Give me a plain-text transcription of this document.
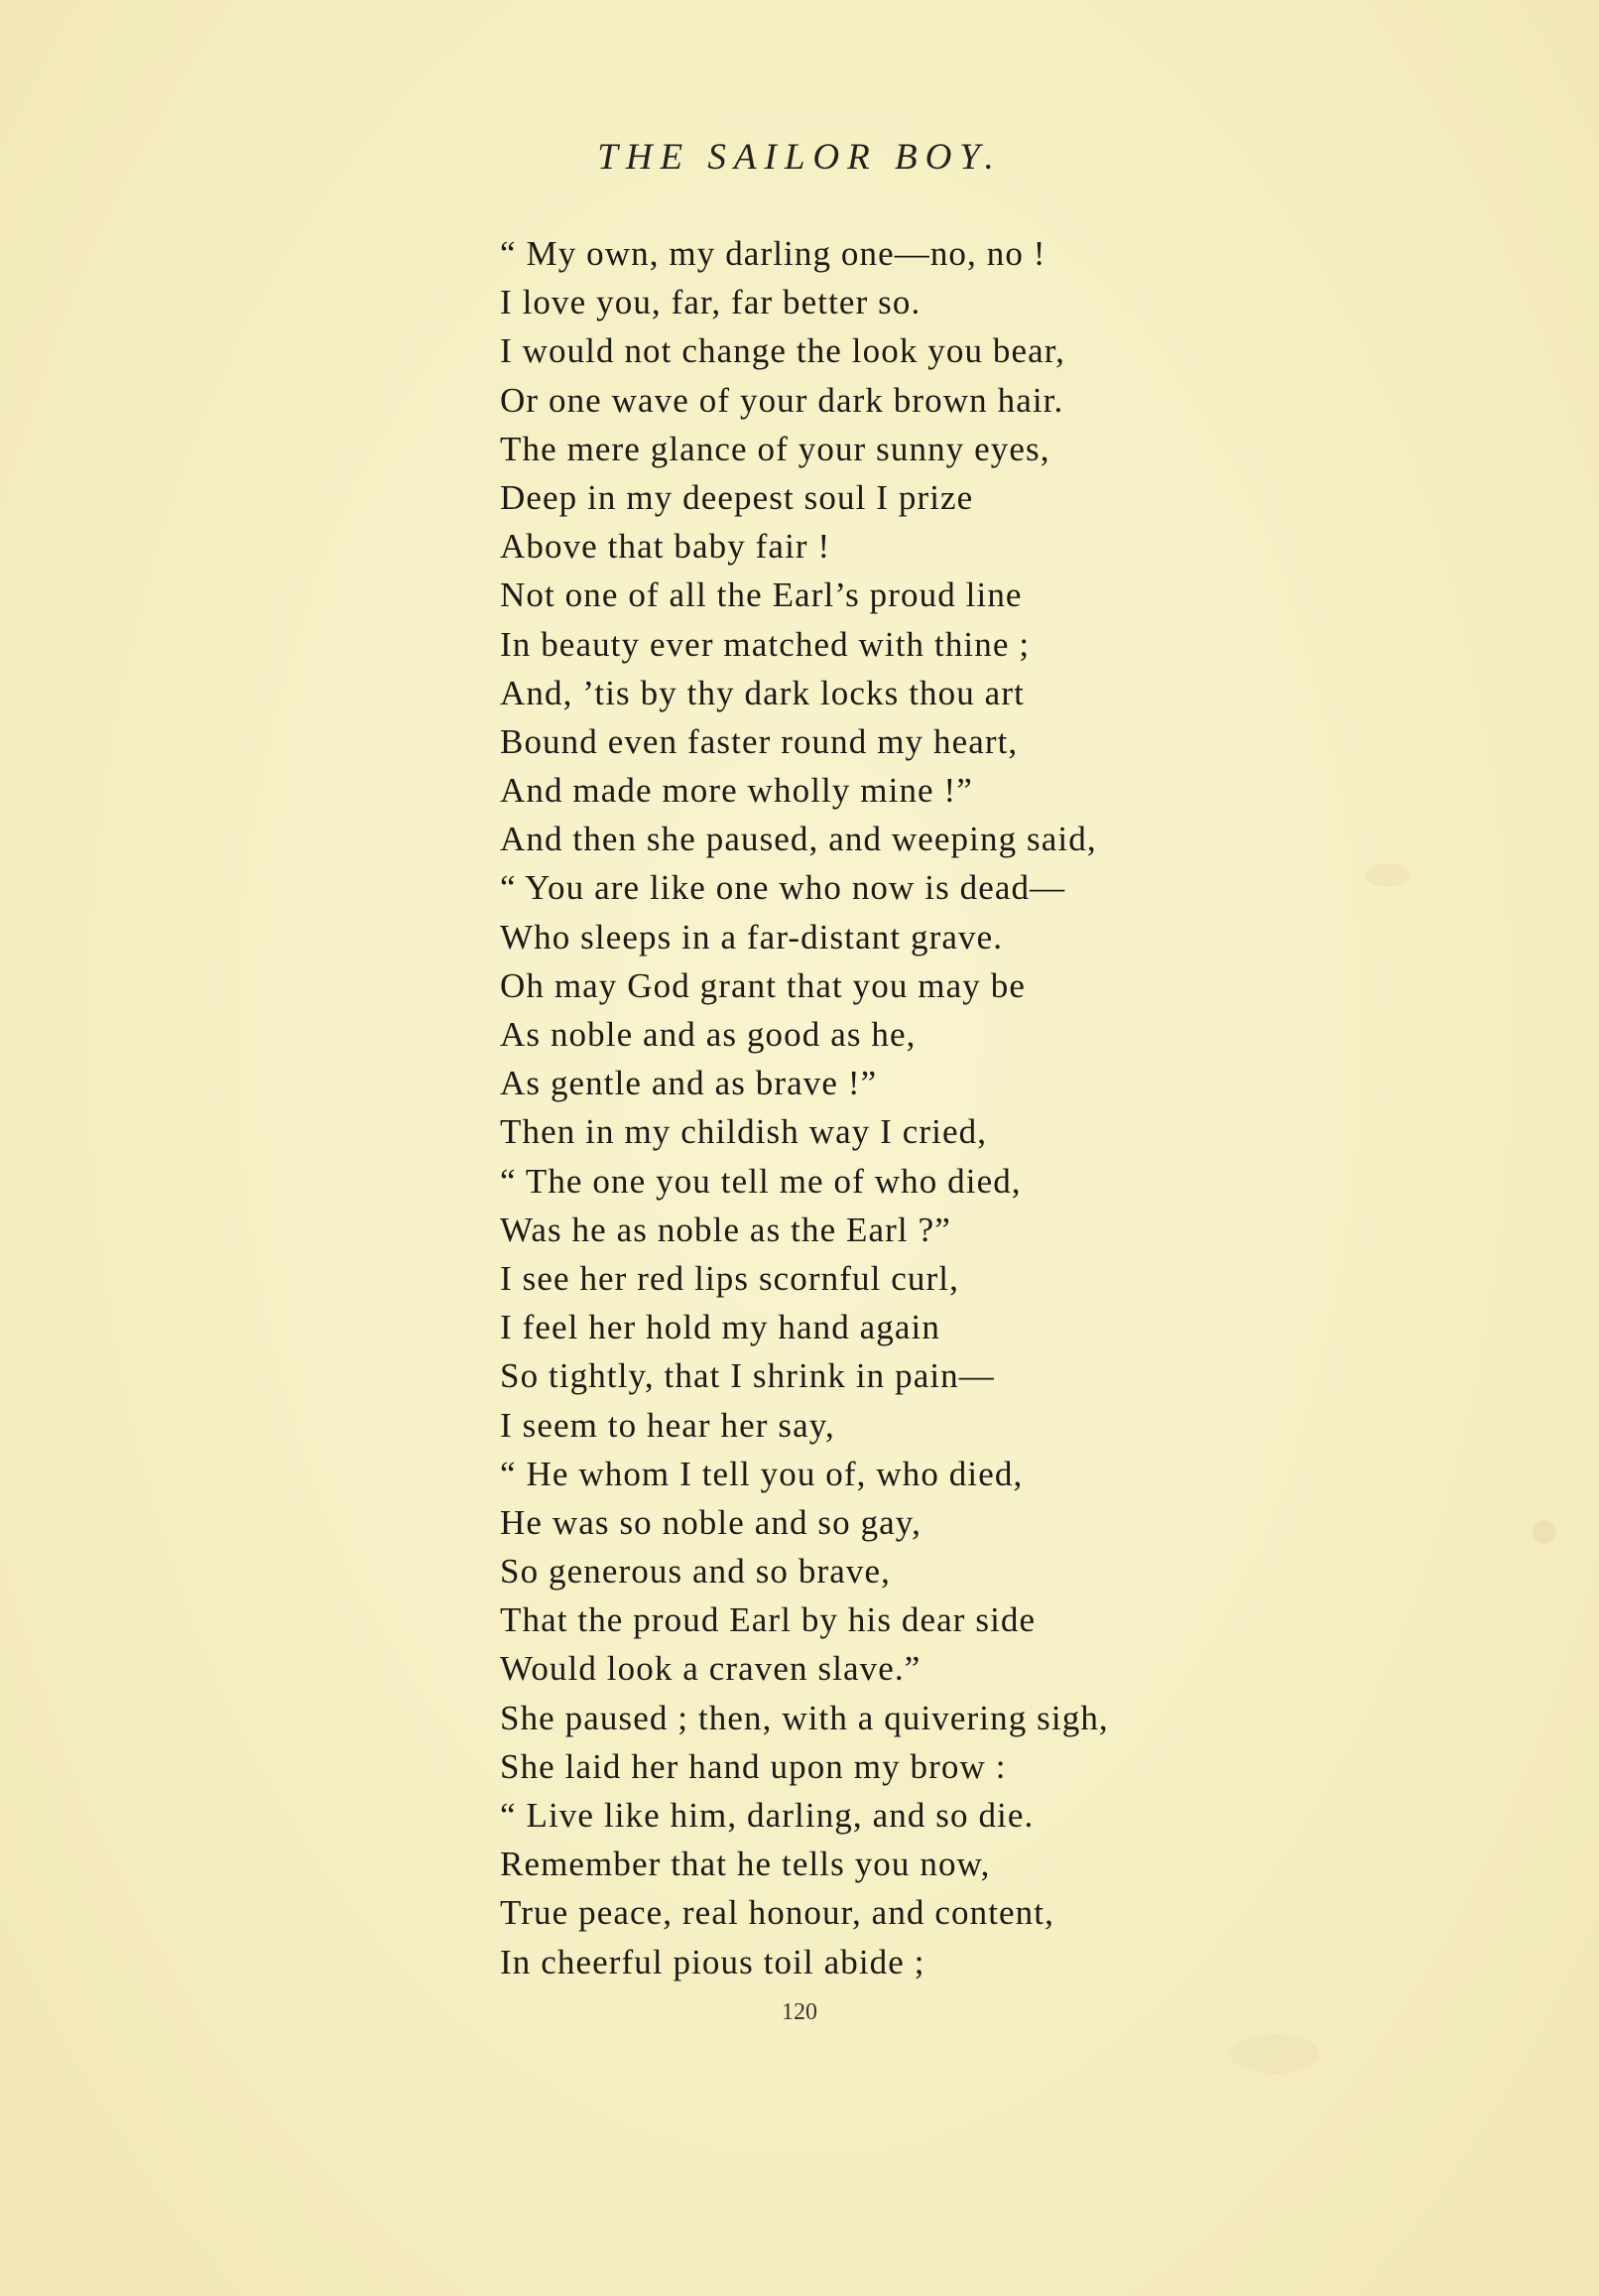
THE SAILOR BOY.
“ My own, my darling one—no, no !
I love you, far, far better so.
I would not change the look you bear,
Or one wave of your dark brown hair.
The mere glance of your sunny eyes,
Deep in my deepest soul I prize
Above that baby fair !
Not one of all the Earl’s proud line
In beauty ever matched with thine ;
And, ’tis by thy dark locks thou art
Bound even faster round my heart,
And made more wholly mine !”
And then she paused, and weeping said,
“ You are like one who now is dead—
Who sleeps in a far-distant grave.
Oh may God grant that you may be
As noble and as good as he,
As gentle and as brave !”
Then in my childish way I cried,
“ The one you tell me of who died,
Was he as noble as the Earl ?”
I see her red lips scornful curl,
I feel her hold my hand again
So tightly, that I shrink in pain—
I seem to hear her say,
“ He whom I tell you of, who died,
He was so noble and so gay,
So generous and so brave,
That the proud Earl by his dear side
Would look a craven slave.”
She paused ; then, with a quivering sigh,
She laid her hand upon my brow :
“ Live like him, darling, and so die.
Remember that he tells you now,
True peace, real honour, and content,
In cheerful pious toil abide ;
120
